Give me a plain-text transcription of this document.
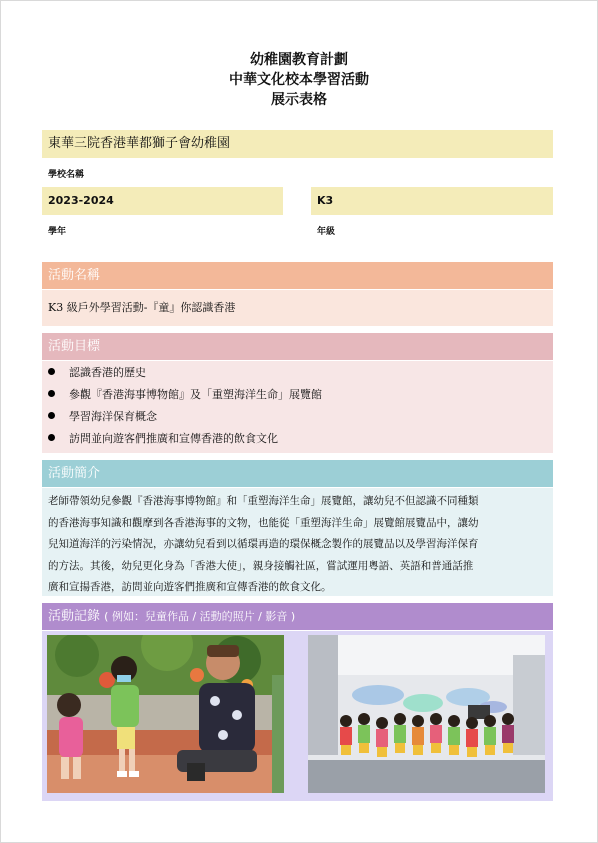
幼稚園教育計劃
中華文化校本學習活動
展示表格
東華三院香港華都獅子會幼稚園
學校名稱
2023-2024
學年
K3
年級
活動名稱
K3 級戶外學習活動-『童』你認識香港
活動目標
認識香港的歷史
參觀『香港海事博物館』及「重塑海洋生命」展覽館
學習海洋保育概念
訪問並向遊客們推廣和宣傳香港的飲食文化
活動簡介
老師帶領幼兒參觀『香港海事博物館』和「重塑海洋生命」展覽館，讓幼兒不但認識不同種類
的香港海事知識和觀摩到各香港海事的文物，也能從「重塑海洋生命」展覽館展覽品中，讓幼
兒知道海洋的污染情況，亦讓幼兒看到以循環再造的環保概念製作的展覽品以及學習海洋保育
的方法。其後，幼兒更化身為「香港大使」，親身接觸社區，嘗試運用粵語、英語和普通話推
廣和宣揚香港，訪問並向遊客們推廣和宣傳香港的飲食文化。
活動記錄 ( 例如：兒童作品 / 活動的照片 / 影音 )
